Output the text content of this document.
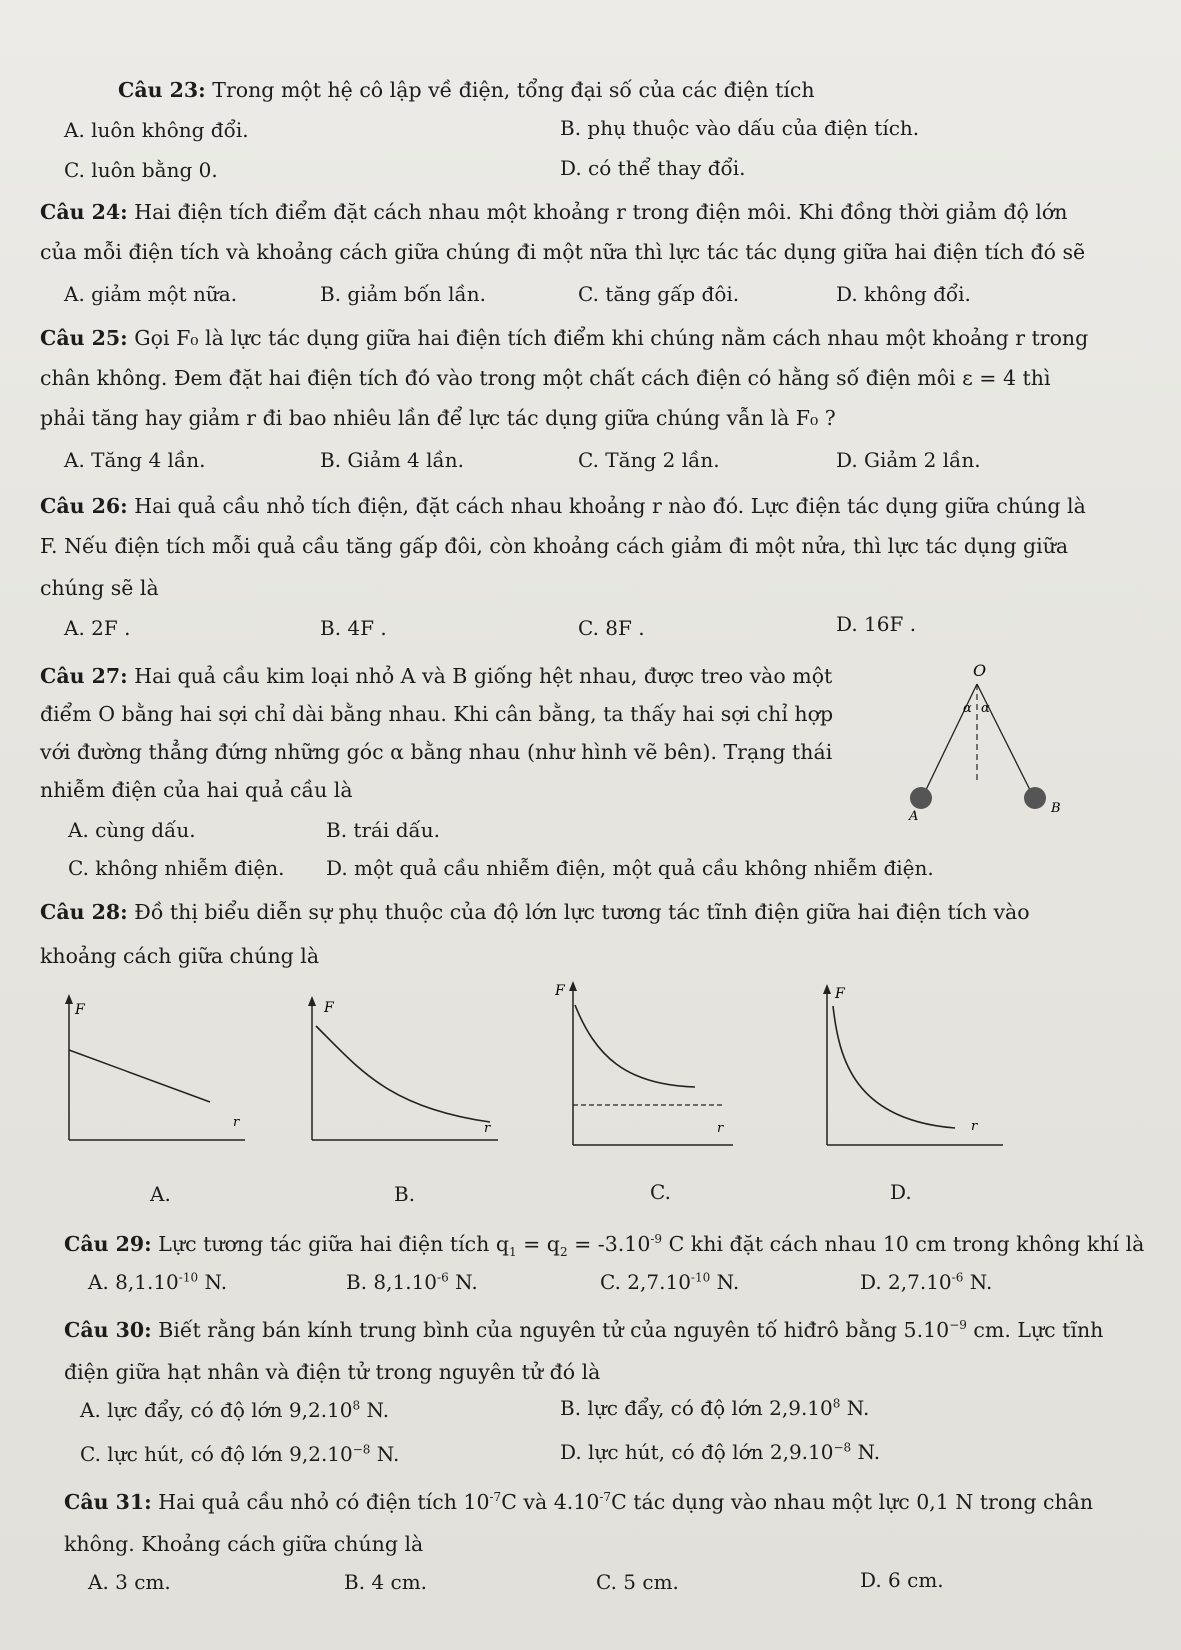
Câu 23: Trong một hệ cô lập về điện, tổng đại số của các điện tích
A. luôn không đổi.	B. phụ thuộc vào dấu của điện tích.
C. luôn bằng 0.	D. có thể thay đổi.
Câu 24: Hai điện tích điểm đặt cách nhau một khoảng r trong điện môi. Khi đồng thời giảm độ lớn
của mỗi điện tích và khoảng cách giữa chúng đi một nữa thì lực tác tác dụng giữa hai điện tích đó sẽ
A. giảm một nữa.	B. giảm bốn lần.	C. tăng gấp đôi.	D. không đổi.
Câu 25: Gọi F₀ là lực tác dụng giữa hai điện tích điểm khi chúng nằm cách nhau một khoảng r trong
chân không. Đem đặt hai điện tích đó vào trong một chất cách điện có hằng số điện môi ε = 4 thì
phải tăng hay giảm r đi bao nhiêu lần để lực tác dụng giữa chúng vẫn là F₀ ?
A. Tăng 4 lần.	B. Giảm 4 lần.	C. Tăng 2 lần.	D. Giảm 2 lần.
Câu 26: Hai quả cầu nhỏ tích điện, đặt cách nhau khoảng r nào đó. Lực điện tác dụng giữa chúng là
F. Nếu điện tích mỗi quả cầu tăng gấp đôi, còn khoảng cách giảm đi một nửa, thì lực tác dụng giữa
chúng sẽ là
A. 2F .	B. 4F .	C. 8F .	D. 16F .
Câu 27: Hai quả cầu kim loại nhỏ A và B giống hệt nhau, được treo vào một
điểm O bằng hai sợi chỉ dài bằng nhau. Khi cân bằng, ta thấy hai sợi chỉ hợp
với đường thẳng đứng những góc α bằng nhau (như hình vẽ bên). Trạng thái
nhiễm điện của hai quả cầu là
A. cùng dấu.	B. trái dấu.
C. không nhiễm điện. D. một quả cầu nhiễm điện, một quả cầu không nhiễm điện.
O
α α
A
B
Câu 28: Đồ thị biểu diễn sự phụ thuộc của độ lớn lực tương tác tĩnh điện giữa hai điện tích vào
khoảng cách giữa chúng là
F
r
F
r
F
r
F
r
A.	B.	C.	D.
Câu 29: Lực tương tác giữa hai điện tích $q_1 = q_2 = -3.10^{-9}$ C khi đặt cách nhau 10 cm trong không khí là
A. $8,1.10^{-10}$ N.	B. $8,1.10^{-6}$ N.	C. $2,7.10^{-10}$ N.	D. $2,7.10^{-6}$ N.
Câu 30: Biết rằng bán kính trung bình của nguyên tử của nguyên tố hiđrô bằng $5.10^{-9}$ cm. Lực tĩnh
điện giữa hạt nhân và điện tử trong nguyên tử đó là
A. lực đẩy, có độ lớn 9,2.10$^8$ N.	B. lực đẩy, có độ lớn 2,9.10$^8$ N.
C. lực hút, có độ lớn $9,2.10^{-8}$ N.	D. lực hút, có độ lớn $2,9.10^{-8}$ N.
Câu 31: Hai quả cầu nhỏ có điện tích $10^{-7}C$ và $4.10^{-7}C$ tác dụng vào nhau một lực 0,1 N trong chân
không. Khoảng cách giữa chúng là
A. 3 cm.	B. 4 cm.	C. 5 cm.	D. 6 cm.
